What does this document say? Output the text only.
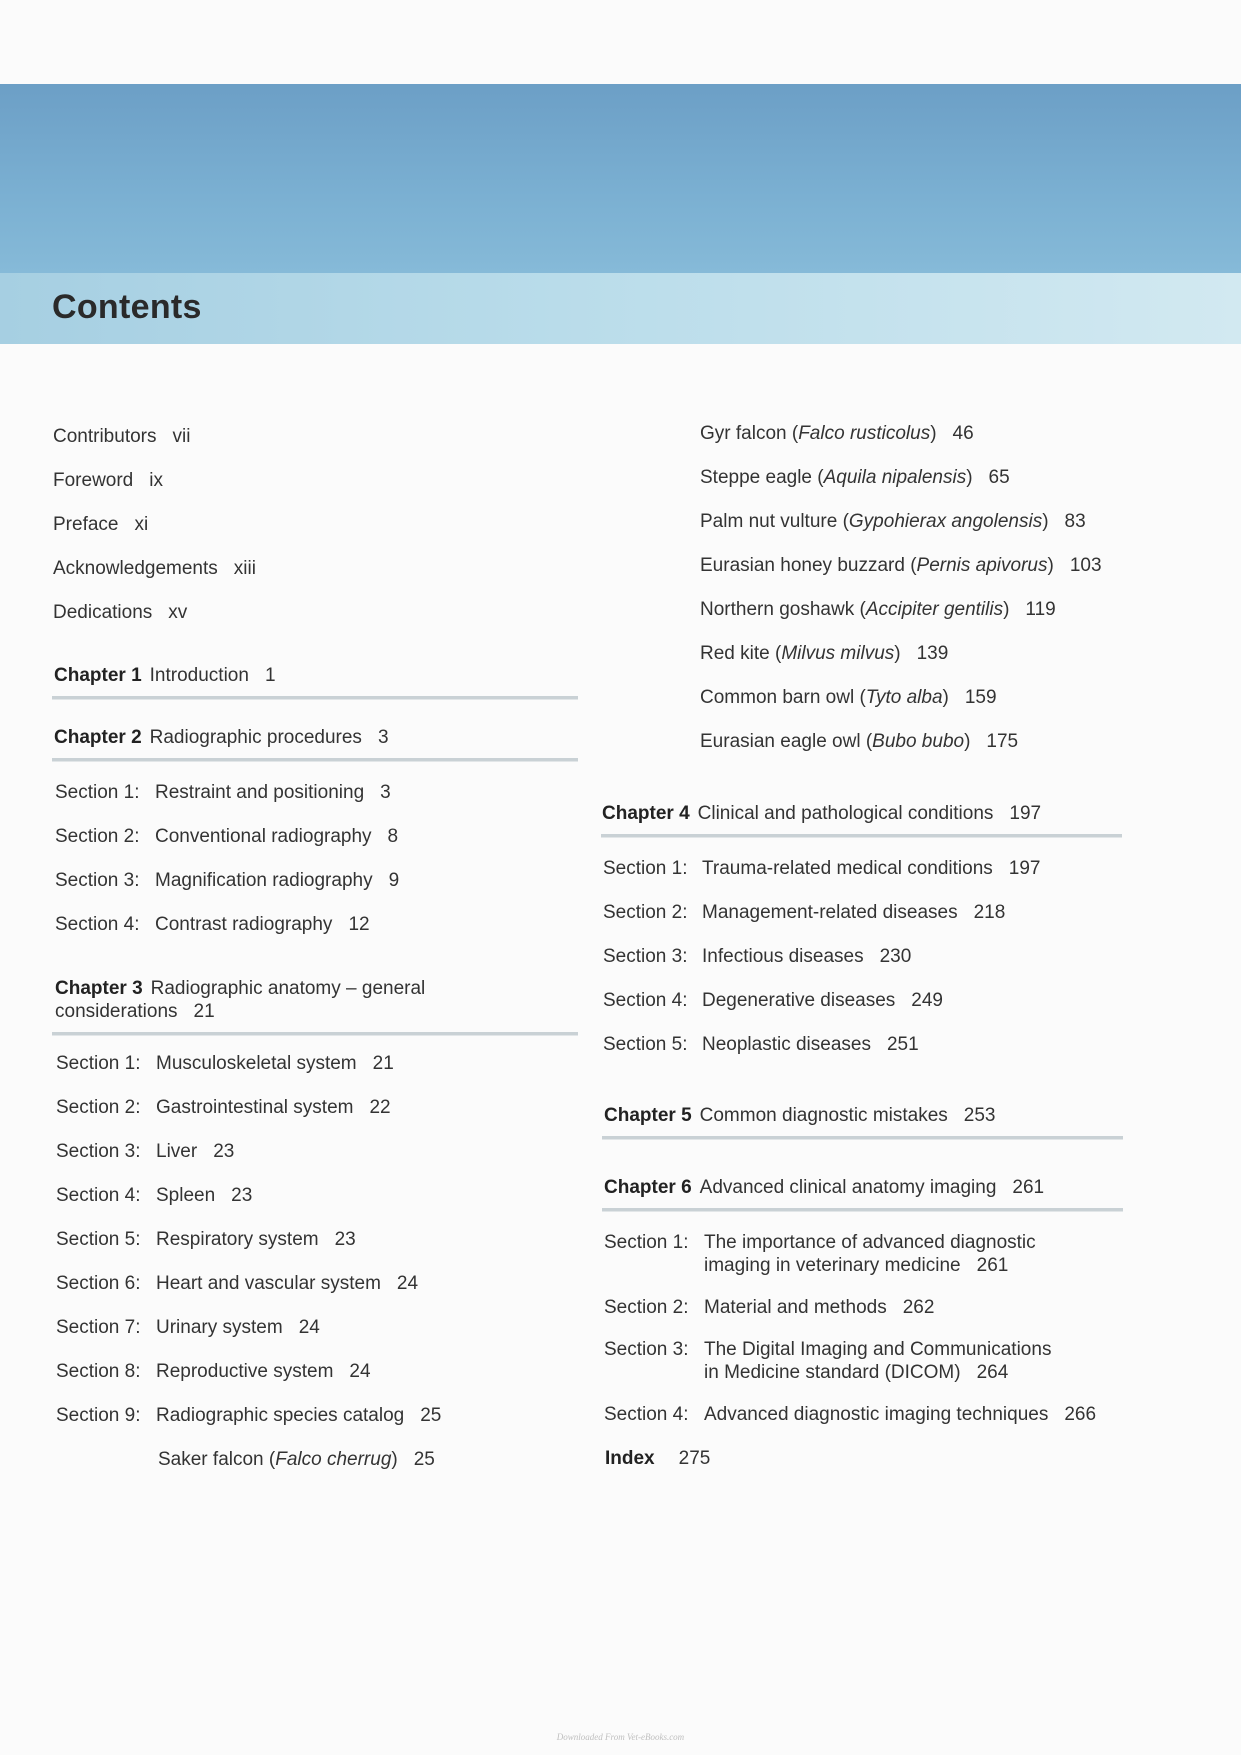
Contents
Contributors vii
Foreword ix
Preface xi
Acknowledgements xiii
Dedications xv
Chapter 1 Introduction 1
Chapter 2 Radiographic procedures 3
Section 1: Restraint and positioning 3
Section 2: Conventional radiography 8
Section 3: Magnification radiography 9
Section 4: Contrast radiography 12
Chapter 3 Radiographic anatomy – general
considerations 21
Section 1: Musculoskeletal system 21
Section 2: Gastrointestinal system 22
Section 3: Liver 23
Section 4: Spleen 23
Section 5: Respiratory system 23
Section 6: Heart and vascular system 24
Section 7: Urinary system 24
Section 8: Reproductive system 24
Section 9: Radiographic species catalog 25
Saker falcon (Falco cherrug) 25
Gyr falcon (Falco rusticolus) 46
Steppe eagle (Aquila nipalensis) 65
Palm nut vulture (Gypohierax angolensis) 83
Eurasian honey buzzard (Pernis apivorus) 103
Northern goshawk (Accipiter gentilis) 119
Red kite (Milvus milvus) 139
Common barn owl (Tyto alba) 159
Eurasian eagle owl (Bubo bubo) 175
Chapter 4 Clinical and pathological conditions 197
Section 1: Trauma-related medical conditions 197
Section 2: Management-related diseases 218
Section 3: Infectious diseases 230
Section 4: Degenerative diseases 249
Section 5: Neoplastic diseases 251
Chapter 5 Common diagnostic mistakes 253
Chapter 6 Advanced clinical anatomy imaging 261
Section 1: The importance of advanced diagnostic
imaging in veterinary medicine 261
Section 2: Material and methods 262
Section 3: The Digital Imaging and Communications
in Medicine standard (DICOM) 264
Section 4: Advanced diagnostic imaging techniques 266
Index 275
Downloaded From Vet-eBooks.com
